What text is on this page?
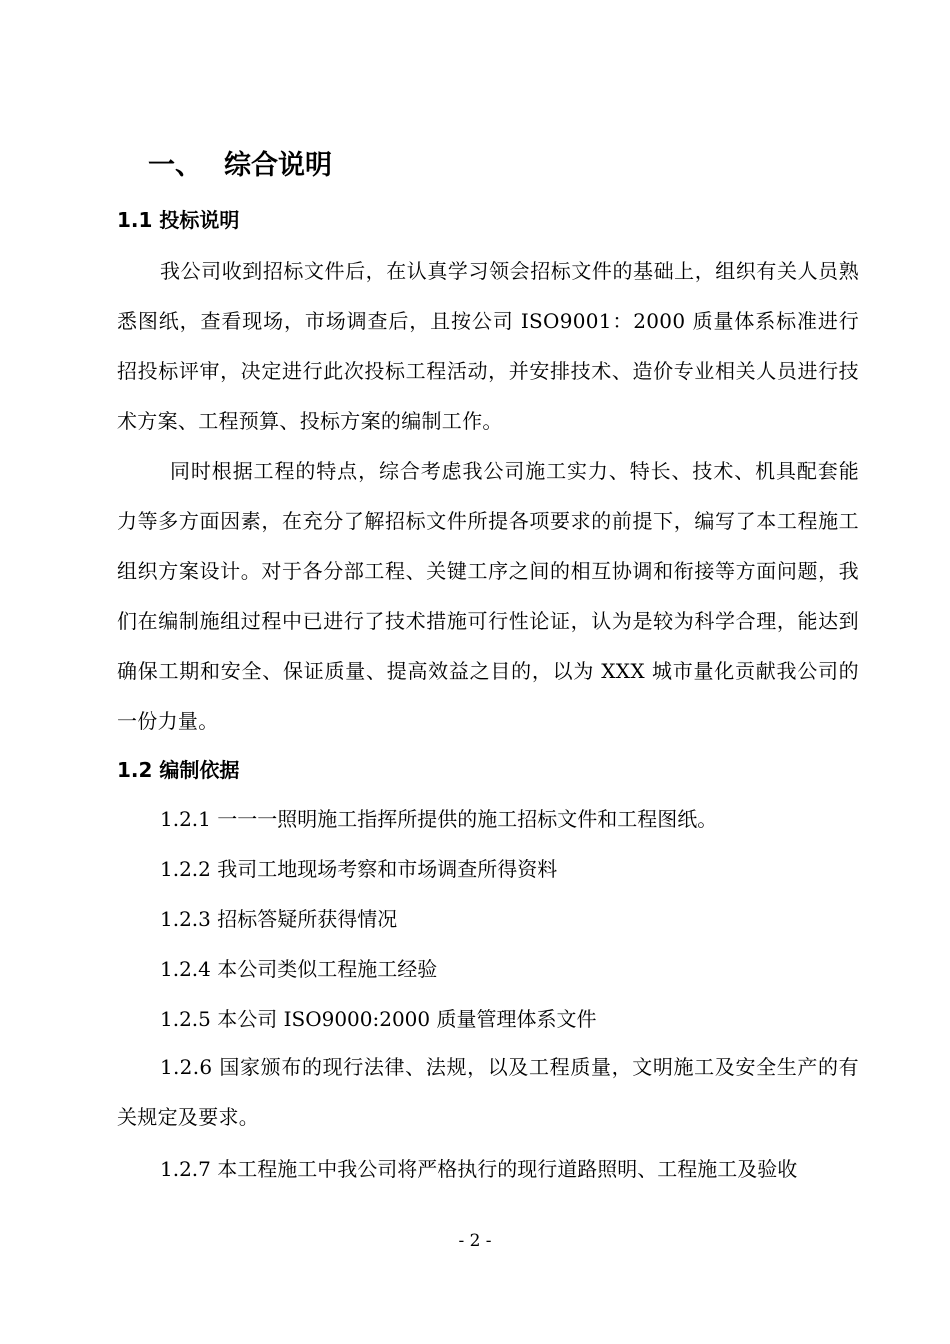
一、 综合说明
1.1 投标说明
我公司收到招标文件后，在认真学习领会招标文件的基础上，组织有关人员熟悉图纸，查看现场，市场调查后，且按公司 ISO9001：2000 质量体系标准进行招投标评审，决定进行此次投标工程活动，并安排技术、造价专业相关人员进行技术方案、工程预算、投标方案的编制工作。
同时根据工程的特点，综合考虑我公司施工实力、特长、技术、机具配套能力等多方面因素，在充分了解招标文件所提各项要求的前提下，编写了本工程施工组织方案设计。对于各分部工程、关键工序之间的相互协调和衔接等方面问题，我们在编制施组过程中已进行了技术措施可行性论证，认为是较为科学合理，能达到确保工期和安全、保证质量、提高效益之目的，以为 XXX 城市量化贡献我公司的一份力量。
1.2 编制依据
1.2.1 一一一照明施工指挥所提供的施工招标文件和工程图纸。
1.2.2 我司工地现场考察和市场调查所得资料
1.2.3 招标答疑所获得情况
1.2.4 本公司类似工程施工经验
1.2.5 本公司 ISO9000:2000 质量管理体系文件
1.2.6 国家颁布的现行法律、法规，以及工程质量，文明施工及安全生产的有关规定及要求。
1.2.7 本工程施工中我公司将严格执行的现行道路照明、工程施工及验收
- 2 -
